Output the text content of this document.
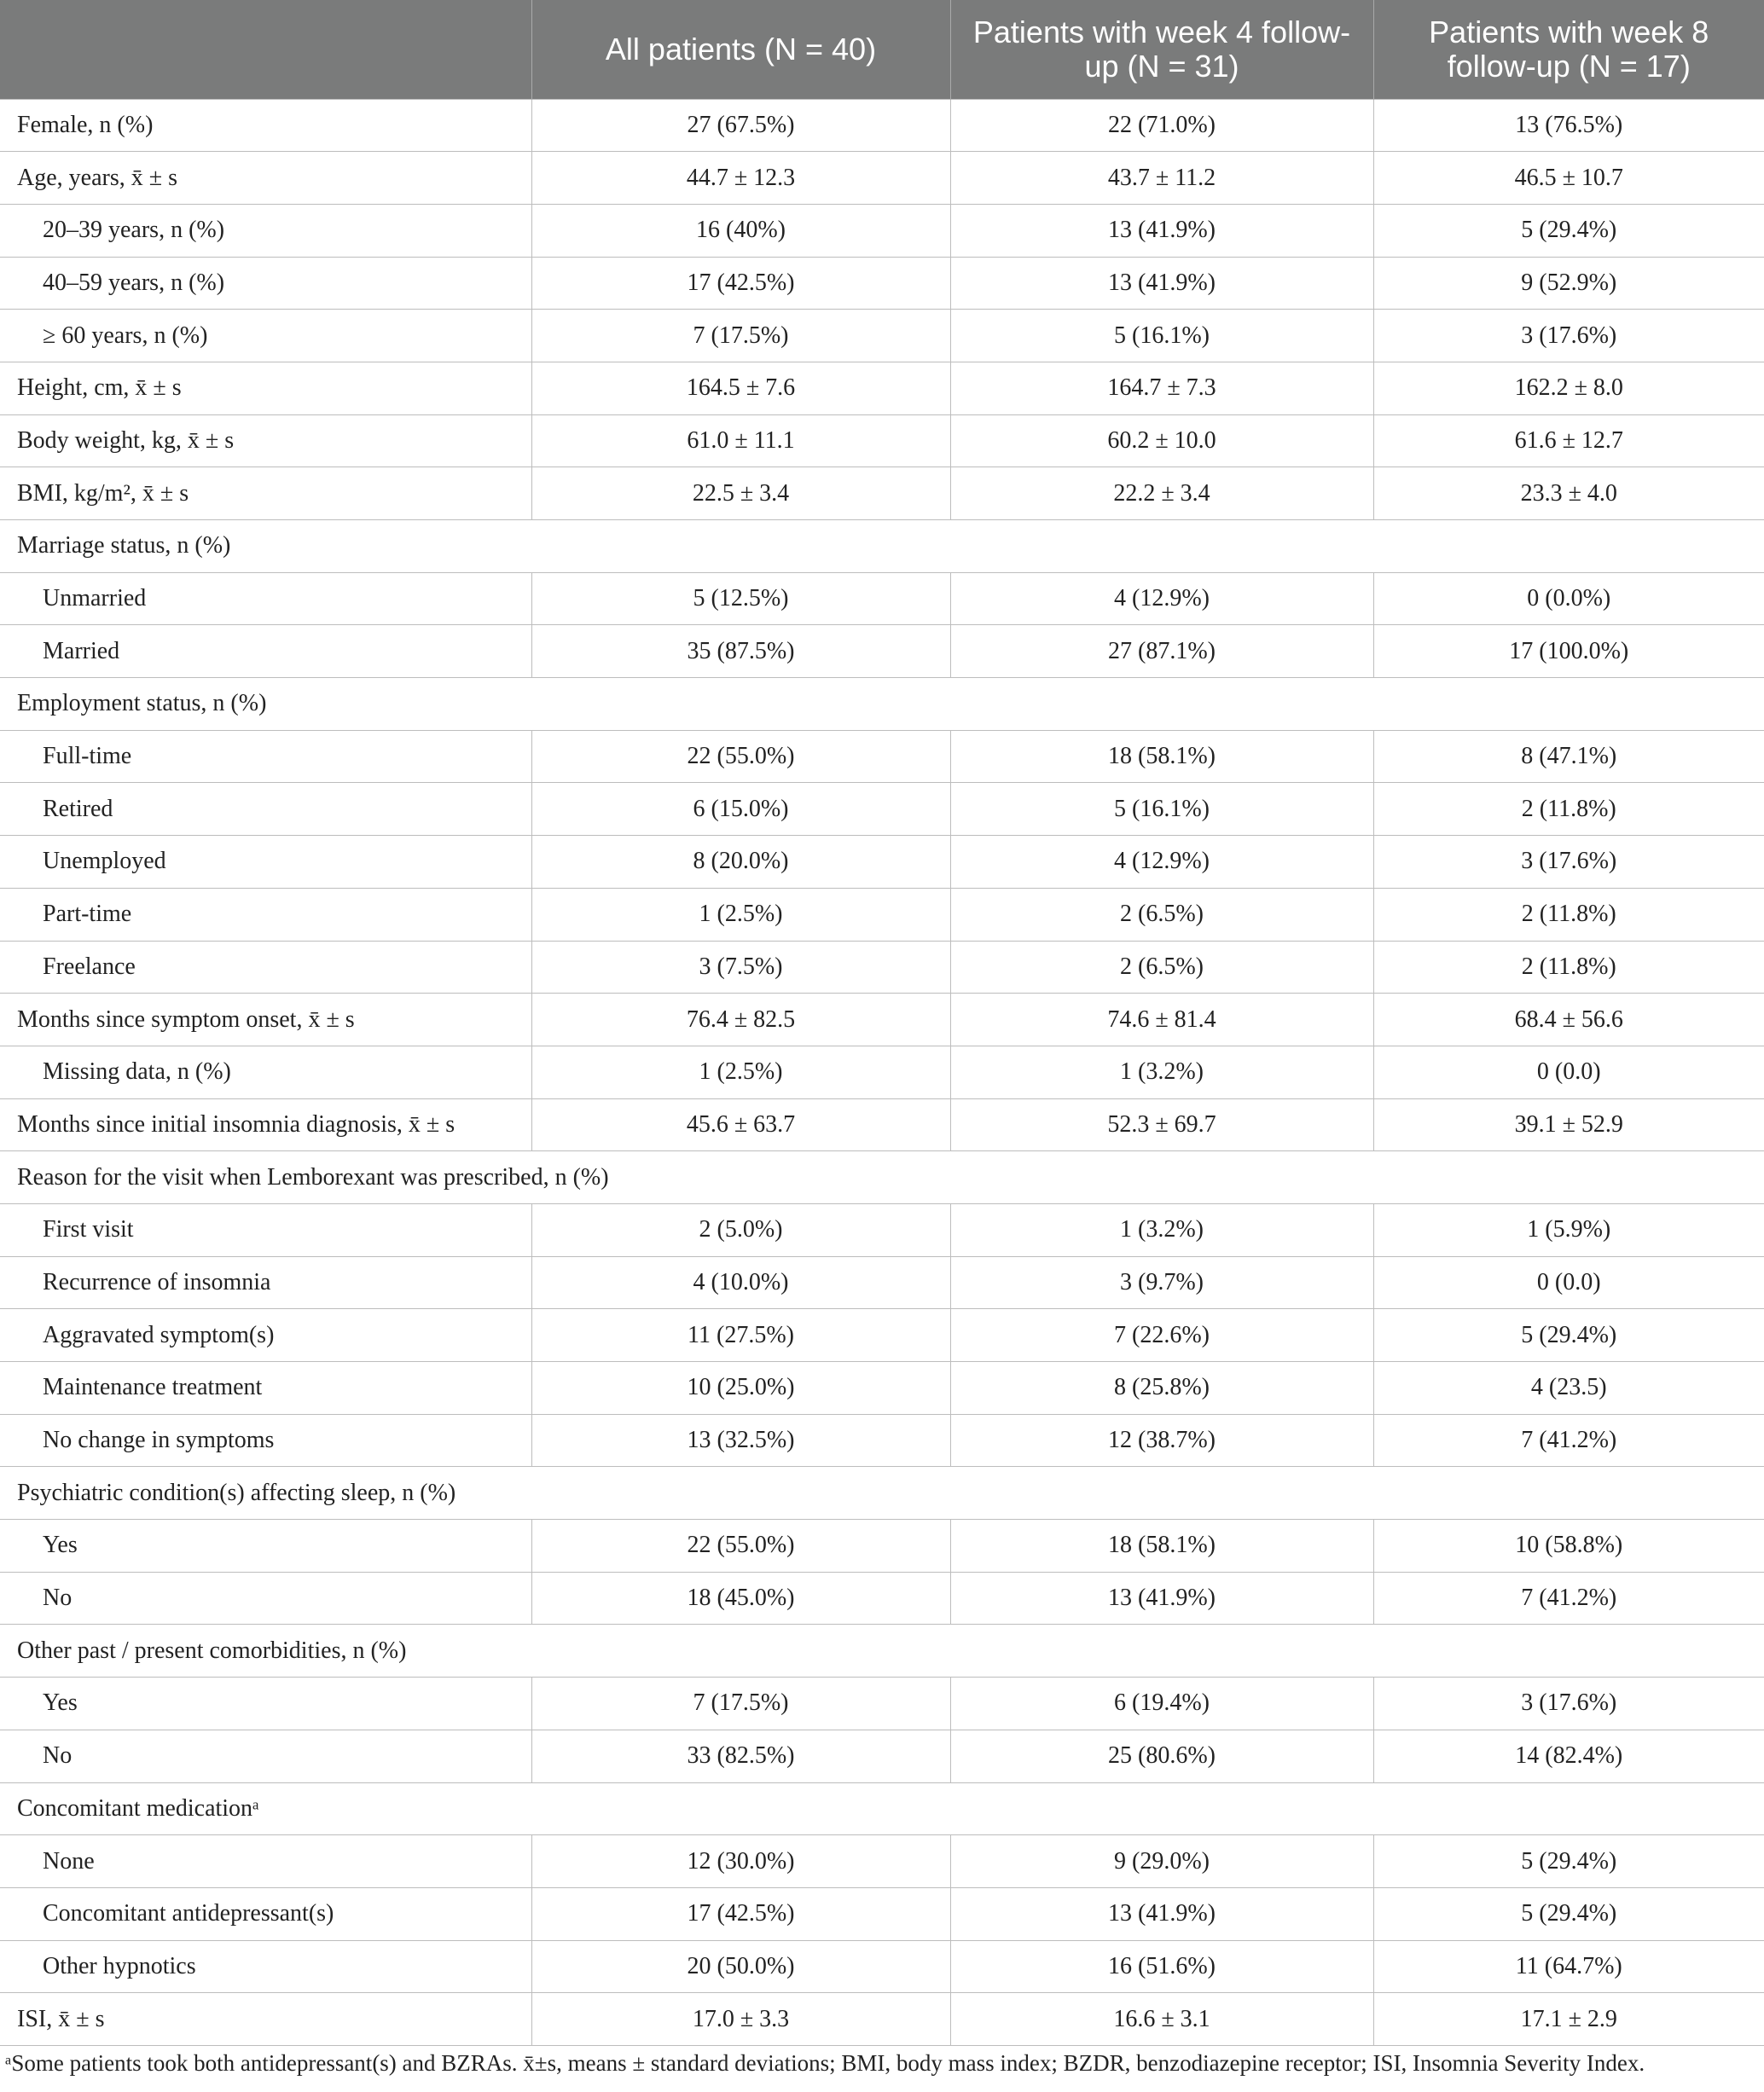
	All patients (N = 40)	Patients with week 4 follow-up (N = 31)	Patients with week 8 follow-up (N = 17)
Female, n (%)	27 (67.5%)	22 (71.0%)	13 (76.5%)
Age, years, x̄ ± s	44.7 ± 12.3	43.7 ± 11.2	46.5 ± 10.7
20–39 years, n (%)	16 (40%)	13 (41.9%)	5 (29.4%)
40–59 years, n (%)	17 (42.5%)	13 (41.9%)	9 (52.9%)
≥ 60 years, n (%)	7 (17.5%)	5 (16.1%)	3 (17.6%)
Height, cm, x̄ ± s	164.5 ± 7.6	164.7 ± 7.3	162.2 ± 8.0
Body weight, kg, x̄ ± s	61.0 ± 11.1	60.2 ± 10.0	61.6 ± 12.7
BMI, kg/m², x̄ ± s	22.5 ± 3.4	22.2 ± 3.4	23.3 ± 4.0
Marriage status, n (%)			
Unmarried	5 (12.5%)	4 (12.9%)	0 (0.0%)
Married	35 (87.5%)	27 (87.1%)	17 (100.0%)
Employment status, n (%)			
Full-time	22 (55.0%)	18 (58.1%)	8 (47.1%)
Retired	6 (15.0%)	5 (16.1%)	2 (11.8%)
Unemployed	8 (20.0%)	4 (12.9%)	3 (17.6%)
Part-time	1 (2.5%)	2 (6.5%)	2 (11.8%)
Freelance	3 (7.5%)	2 (6.5%)	2 (11.8%)
Months since symptom onset, x̄ ± s	76.4 ± 82.5	74.6 ± 81.4	68.4 ± 56.6
Missing data, n (%)	1 (2.5%)	1 (3.2%)	0 (0.0)
Months since initial insomnia diagnosis, x̄ ± s	45.6 ± 63.7	52.3 ± 69.7	39.1 ± 52.9
Reason for the visit when Lemborexant was prescribed, n (%)			
First visit	2 (5.0%)	1 (3.2%)	1 (5.9%)
Recurrence of insomnia	4 (10.0%)	3 (9.7%)	0 (0.0)
Aggravated symptom(s)	11 (27.5%)	7 (22.6%)	5 (29.4%)
Maintenance treatment	10 (25.0%)	8 (25.8%)	4 (23.5)
No change in symptoms	13 (32.5%)	12 (38.7%)	7 (41.2%)
Psychiatric condition(s) affecting sleep, n (%)			
Yes	22 (55.0%)	18 (58.1%)	10 (58.8%)
No	18 (45.0%)	13 (41.9%)	7 (41.2%)
Other past / present comorbidities, n (%)			
Yes	7 (17.5%)	6 (19.4%)	3 (17.6%)
No	33 (82.5%)	25 (80.6%)	14 (82.4%)
Concomitant medicationᵃ			
None	12 (30.0%)	9 (29.0%)	5 (29.4%)
Concomitant antidepressant(s)	17 (42.5%)	13 (41.9%)	5 (29.4%)
Other hypnotics	20 (50.0%)	16 (51.6%)	11 (64.7%)
ISI, x̄ ± s	17.0 ± 3.3	16.6 ± 3.1	17.1 ± 2.9
ᵃSome patients took both antidepressant(s) and BZRAs. x̄±s, means ± standard deviations; BMI, body mass index; BZDR, benzodiazepine receptor; ISI, Insomnia Severity Index.
